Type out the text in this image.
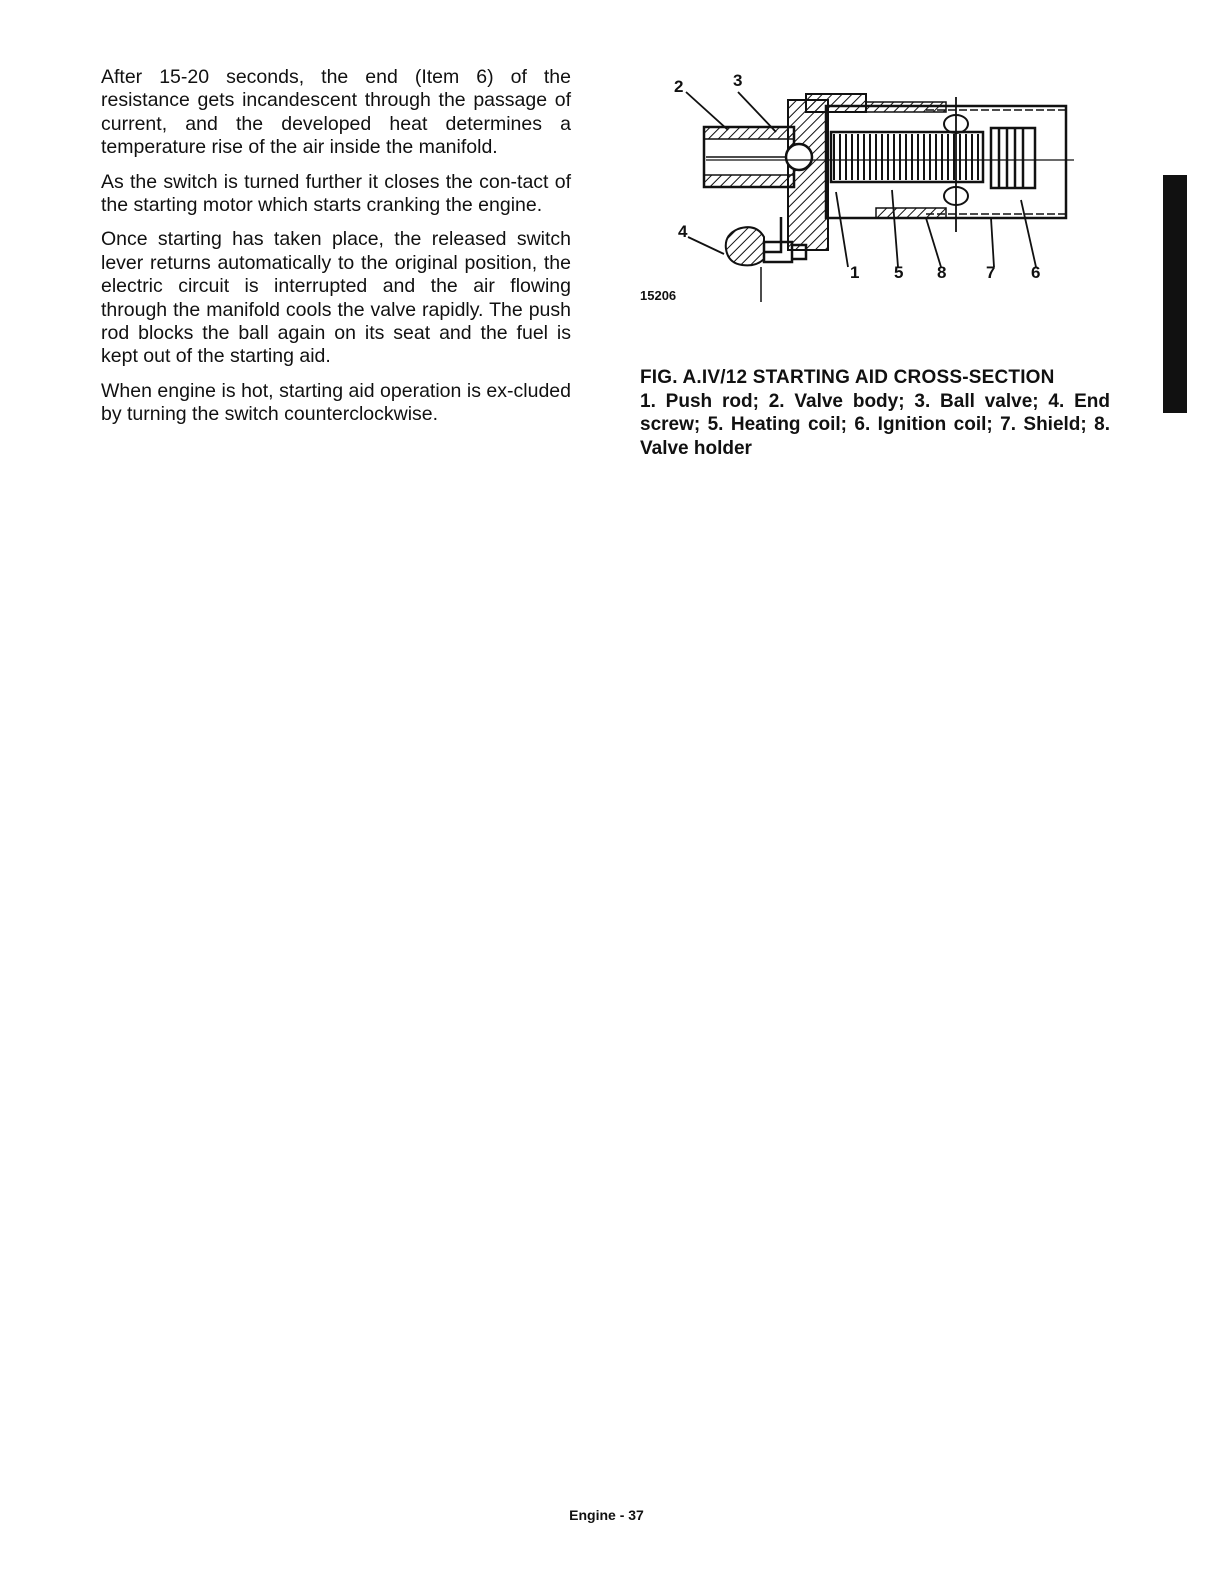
After 15-20 seconds, the end (Item 6) of the resistance gets incandescent through the passage of current, and the developed heat determines a temperature rise of the air inside the manifold.

As the switch is turned further it closes the con-tact of the starting motor which starts cranking the engine.

Once starting has taken place, the released switch lever returns automatically to the original position, the electric circuit is interrupted and the air flowing through the manifold cools the valve rapidly. The push rod blocks the ball again on its seat and the fuel is kept out of the starting aid.

When engine is hot, starting aid operation is ex-cluded by turning the switch counterclockwise.

2	3
4
1 5 8 7 6
15206
FIG. A.IV/12 STARTING AID CROSS-SECTION
1. Push rod; 2. Valve body; 3. Ball valve; 4. End screw; 5. Heating coil; 6. Ignition coil; 7. Shield; 8. Valve holder
Engine - 37
